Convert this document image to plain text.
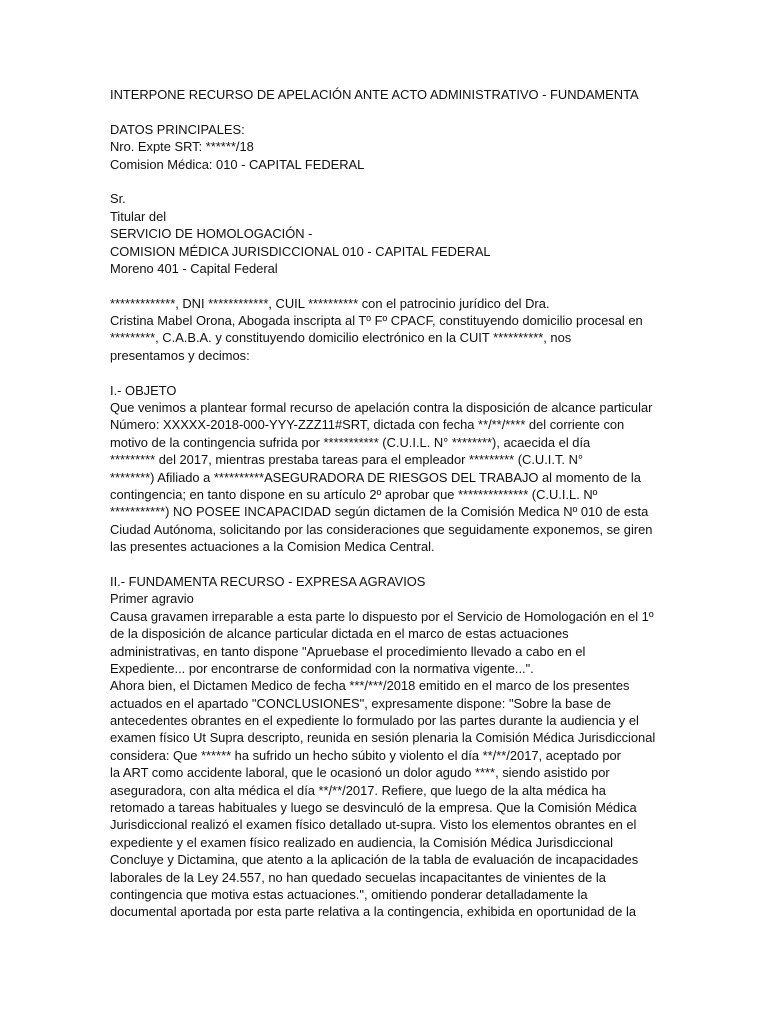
INTERPONE RECURSO DE APELACIÓN ANTE ACTO ADMINISTRATIVO - FUNDAMENTA
DATOS PRINCIPALES:
Nro. Expte SRT: ******/18
Comision Médica: 010 - CAPITAL FEDERAL
Sr.
Titular del
SERVICIO DE HOMOLOGACIÓN -
COMISION MÉDICA JURISDICCIONAL 010 - CAPITAL FEDERAL
Moreno 401 - Capital Federal
*************, DNI ************, CUIL ********** con el patrocinio jurídico del Dra.
Cristina Mabel Orona, Abogada inscripta al Tº Fº CPACF, constituyendo domicilio procesal en
*********, C.A.B.A. y constituyendo domicilio electrónico en la CUIT **********, nos
presentamos y decimos:
I.- OBJETO
Que venimos a plantear formal recurso de apelación contra la disposición de alcance particular
Número: XXXXX-2018-000-YYY-ZZZ11#SRT, dictada con fecha **/**/**** del corriente con
motivo de la contingencia sufrida por *********** (C.U.I.L. N° ********), acaecida el día
********* del 2017, mientras prestaba tareas para el empleador ********* (C.U.I.T. N°
********) Afiliado a **********ASEGURADORA DE RIESGOS DEL TRABAJO al momento de la
contingencia; en tanto dispone en su artículo 2º aprobar que ************** (C.U.I.L. Nº
***********) NO POSEE INCAPACIDAD según dictamen de la Comisión Medica Nº 010 de esta
Ciudad Autónoma, solicitando por las consideraciones que seguidamente exponemos, se giren
las presentes actuaciones a la Comision Medica Central.
II.- FUNDAMENTA RECURSO - EXPRESA AGRAVIOS
Primer agravio
Causa gravamen irreparable a esta parte lo dispuesto por el Servicio de Homologación en el 1º
de la disposición de alcance particular dictada en el marco de estas actuaciones
administrativas, en tanto dispone "Apruebase el procedimiento llevado a cabo en el
Expediente... por encontrarse de conformidad con la normativa vigente...".
Ahora bien, el Dictamen Medico de fecha ***/***/2018 emitido en el marco de los presentes
actuados en el apartado "CONCLUSIONES", expresamente dispone: "Sobre la base de
antecedentes obrantes en el expediente lo formulado por las partes durante la audiencia y el
examen físico Ut Supra descripto, reunida en sesión plenaria la Comisión Médica Jurisdiccional
considera: Que ****** ha sufrido un hecho súbito y violento el día **/**/2017, aceptado por
la ART como accidente laboral, que le ocasionó un dolor agudo ****, siendo asistido por
aseguradora, con alta médica el día **/**/2017. Refiere, que luego de la alta médica ha
retomado a tareas habituales y luego se desvinculó de la empresa. Que la Comisión Médica
Jurisdiccional realizó el examen físico detallado ut-supra. Visto los elementos obrantes en el
expediente y el examen físico realizado en audiencia, la Comisión Médica Jurisdiccional
Concluye y Dictamina, que atento a la aplicación de la tabla de evaluación de incapacidades
laborales de la Ley 24.557, no han quedado secuelas incapacitantes de vinientes de la
contingencia que motiva estas actuaciones.", omitiendo ponderar detalladamente la
documental aportada por esta parte relativa a la contingencia, exhibida en oportunidad de la
